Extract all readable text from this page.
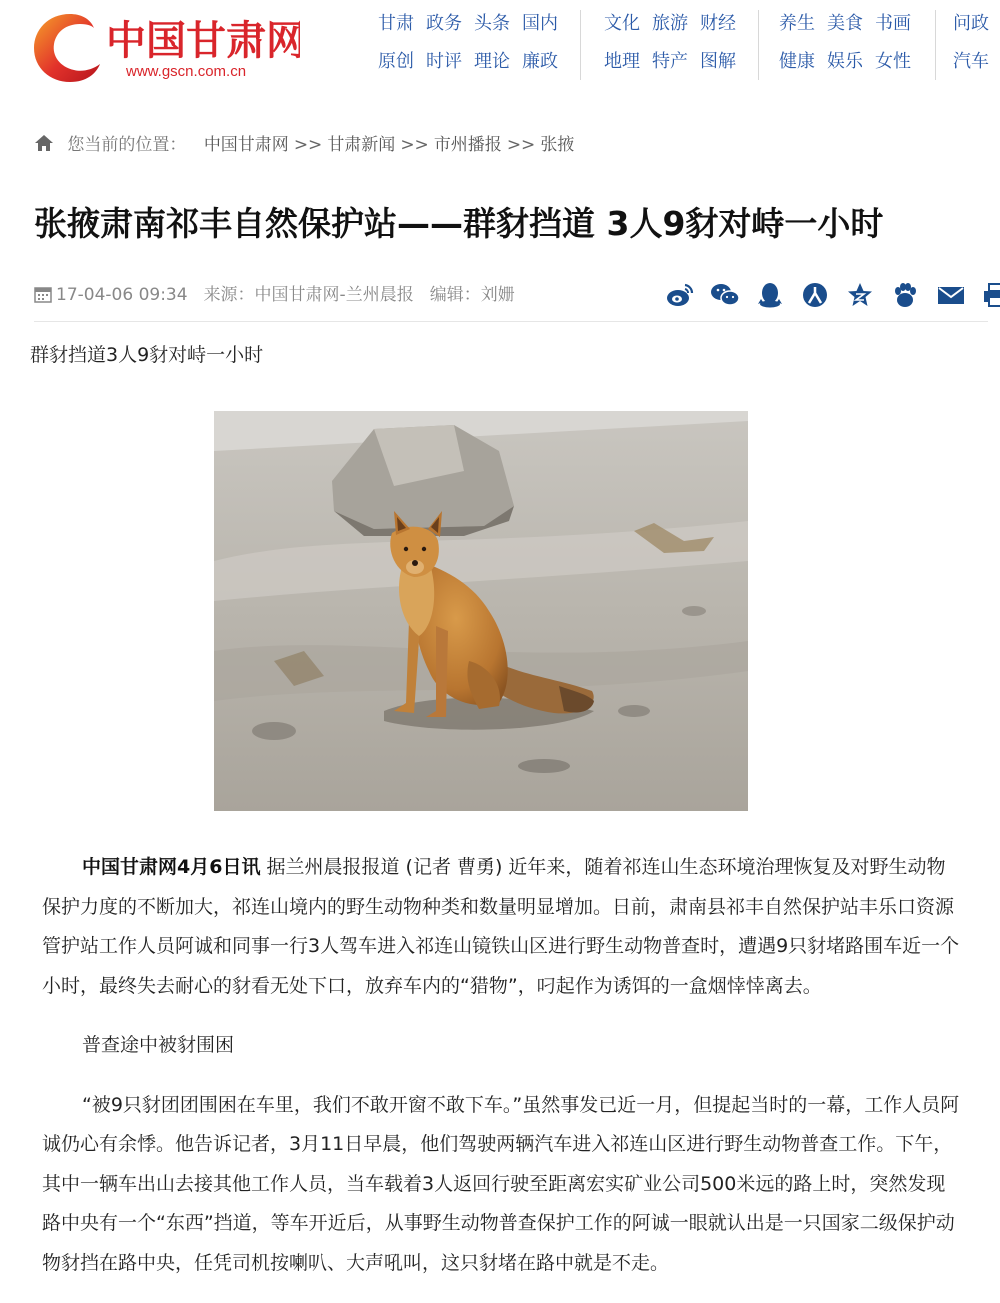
中国甘肃网
www.gscn.com.cn
甘肃 政务 头条 国内
原创 时评 理论 廉政
文化 旅游 财经
地理 特产 图解
养生 美食 书画
健康 娱乐 女性
问政
汽车
您当前的位置： 中国甘肃网 >> 甘肃新闻 >> 市州播报 >> 张掖
张掖肃南祁丰自然保护站——群豺挡道 3人9豺对峙一小时
17-04-06 09:34 来源：中国甘肃网-兰州晨报 编辑：刘姗

群豺挡道3人9豺对峙一小时

中国甘肃网4月6日讯 据兰州晨报报道 (记者 曹勇) 近年来，随着祁连山生态环境治理恢复及对野生动物保护力度的不断加大，祁连山境内的野生动物种类和数量明显增加。日前，肃南县祁丰自然保护站丰乐口资源管护站工作人员阿诚和同事一行3人驾车进入祁连山镜铁山区进行野生动物普查时，遭遇9只豺堵路围车近一个小时，最终失去耐心的豺看无处下口，放弃车内的“猎物”，叼起作为诱饵的一盒烟悻悻离去。

普查途中被豺围困

“被9只豺团团围困在车里，我们不敢开窗不敢下车。”虽然事发已近一月，但提起当时的一幕，工作人员阿诚仍心有余悸。他告诉记者，3月11日早晨，他们驾驶两辆汽车进入祁连山区进行野生动物普查工作。下午，其中一辆车出山去接其他工作人员，当车载着3人返回行驶至距离宏实矿业公司500米远的路上时，突然发现路中央有一个“东西”挡道，等车开近后，从事野生动物普查保护工作的阿诚一眼就认出是一只国家二级保护动物豺挡在路中央，任凭司机按喇叭、大声吼叫，这只豺堵在路中就是不走。
